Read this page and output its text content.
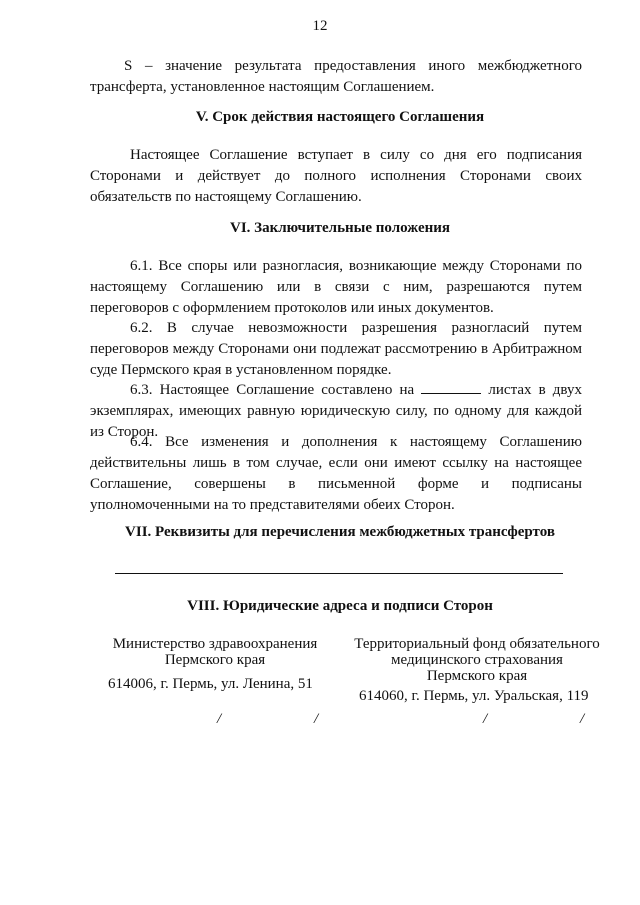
12
S – значение результата предоставления иного межбюджетного трансферта, установленное настоящим Соглашением.
V. Срок действия настоящего Соглашения
Настоящее Соглашение вступает в силу со дня его подписания Сторонами и действует до полного исполнения Сторонами своих обязательств по настоящему Соглашению.
VI. Заключительные положения
6.1. Все споры или разногласия, возникающие между Сторонами по настоящему Соглашению или в связи с ним, разрешаются путем переговоров с оформлением протоколов или иных документов.
6.2. В случае невозможности разрешения разногласий путем переговоров между Сторонами они подлежат рассмотрению в Арбитражном суде Пермского края в установленном порядке.
6.3. Настоящее Соглашение составлено на	листах в двух экземплярах, имеющих равную юридическую силу, по одному для каждой из Сторон.
6.4. Все изменения и дополнения к настоящему Соглашению действительны лишь в том случае, если они имеют ссылку на настоящее Соглашение, совершены в письменной форме и подписаны уполномоченными на то представителями обеих Сторон.
VII. Реквизиты для перечисления межбюджетных трансфертов
VIII. Юридические адреса и подписи Сторон
Министерство здравоохранения
Пермского края
614006, г. Пермь, ул. Ленина, 51
/	/
Территориальный фонд обязательного
медицинского страхования
Пермского края
614060, г. Пермь, ул. Уральская, 119
/	/
